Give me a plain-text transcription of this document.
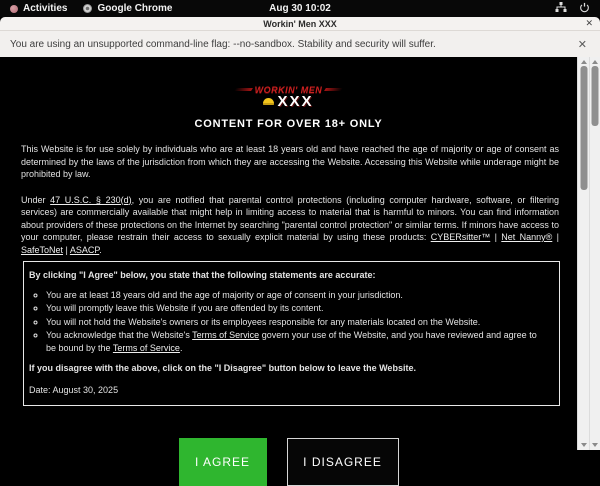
Activities	Google Chrome	Aug 30 10:02
Workin' Men XXX	✕
You are using an unsupported command-line flag: --no-sandbox. Stability and security will suffer.	✕
WORKIN' MEN
XXX
CONTENT FOR OVER 18+ ONLY

This Website is for use solely by individuals who are at least 18 years old and have reached the age of majority or age of consent as determined by the laws of the jurisdiction from which they are accessing the Website. Accessing this Website while underage might be prohibited by law.

Under 47 U.S.C. § 230(d), you are notified that parental control protections (including computer hardware, software, or filtering services) are commercially available that might help in limiting access to material that is harmful to minors. You can find information about providers of these protections on the Internet by searching "parental control protection" or similar terms. If minors have access to your computer, please restrain their access to sexually explicit material by using these products: CYBERsitter™ | Net Nanny® | SafeToNet | ASACP.

By clicking "I Agree" below, you state that the following statements are accurate:
◦ You are at least 18 years old and the age of majority or age of consent in your jurisdiction.
◦ You will promptly leave this Website if you are offended by its content.
◦ You will not hold the Website's owners or its employees responsible for any materials located on the Website.
◦ You acknowledge that the Website's Terms of Service govern your use of the Website, and you have reviewed and agree to be bound by the Terms of Service.
If you disagree with the above, click on the "I Disagree" button below to leave the Website.
Date: August 30, 2025
I AGREE	I DISAGREE
